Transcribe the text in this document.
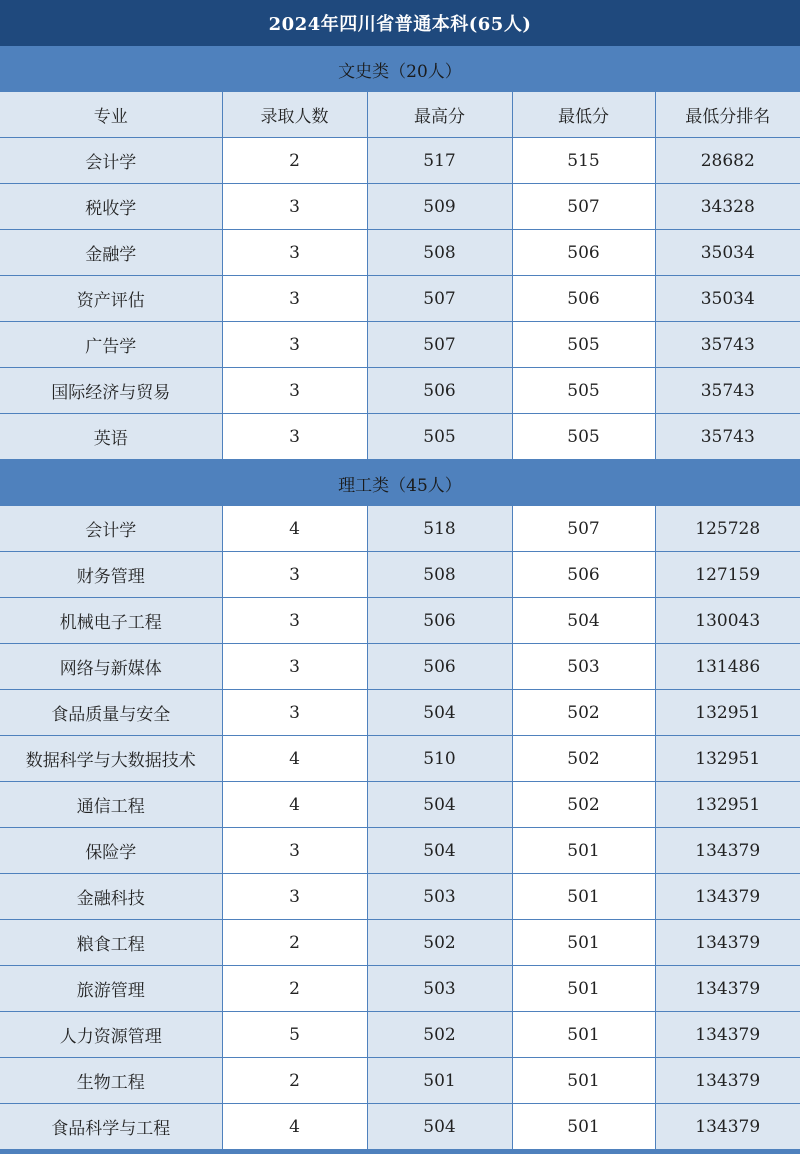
2024年四川省普通本科(65人)
文史类（20人）
专业	录取人数	最高分	最低分	最低分排名
会计学	2	517	515	28682
税收学	3	509	507	34328
金融学	3	508	506	35034
资产评估	3	507	506	35034
广告学	3	507	505	35743
国际经济与贸易	3	506	505	35743
英语	3	505	505	35743
理工类（45人）
会计学	4	518	507	125728
财务管理	3	508	506	127159
机械电子工程	3	506	504	130043
网络与新媒体	3	506	503	131486
食品质量与安全	3	504	502	132951
数据科学与大数据技术	4	510	502	132951
通信工程	4	504	502	132951
保险学	3	504	501	134379
金融科技	3	503	501	134379
粮食工程	2	502	501	134379
旅游管理	2	503	501	134379
人力资源管理	5	502	501	134379
生物工程	2	501	501	134379
食品科学与工程	4	504	501	134379
